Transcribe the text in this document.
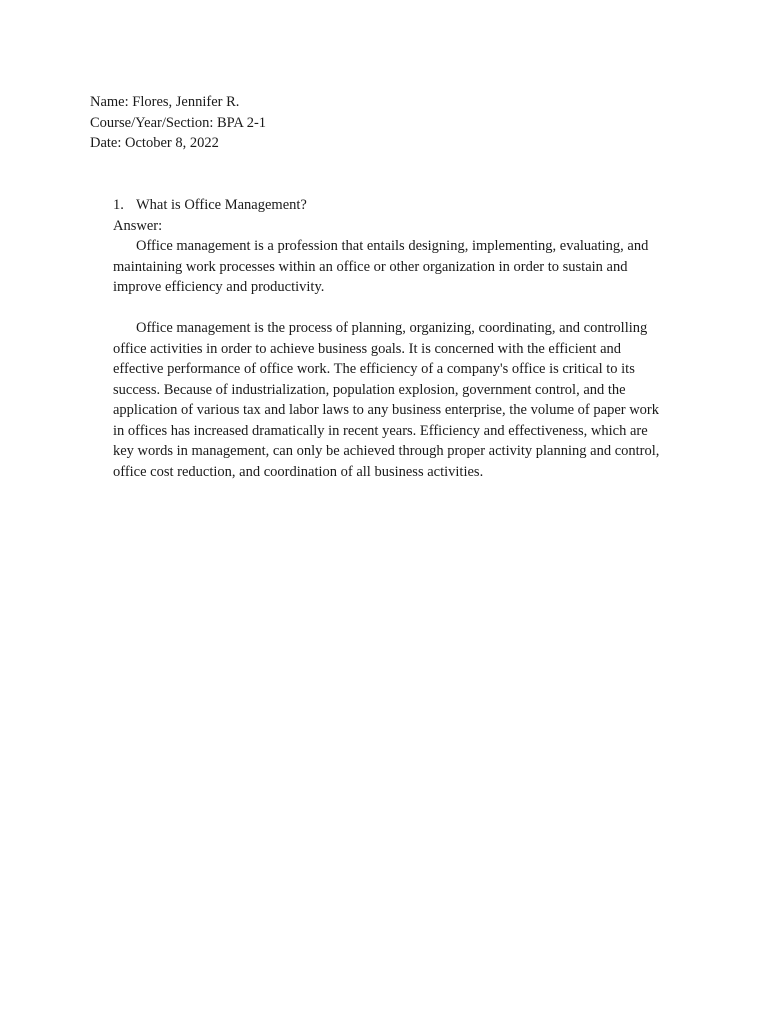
Name: Flores, Jennifer R.
Course/Year/Section: BPA 2-1
Date: October 8, 2022
1. What is Office Management?
Answer:

Office management is a profession that entails designing, implementing, evaluating, and maintaining work processes within an office or other organization in order to sustain and improve efficiency and productivity.

Office management is the process of planning, organizing, coordinating, and controlling office activities in order to achieve business goals. It is concerned with the efficient and effective performance of office work. The efficiency of a company's office is critical to its success. Because of industrialization, population explosion, government control, and the application of various tax and labor laws to any business enterprise, the volume of paper work in offices has increased dramatically in recent years. Efficiency and effectiveness, which are key words in management, can only be achieved through proper activity planning and control, office cost reduction, and coordination of all business activities.
